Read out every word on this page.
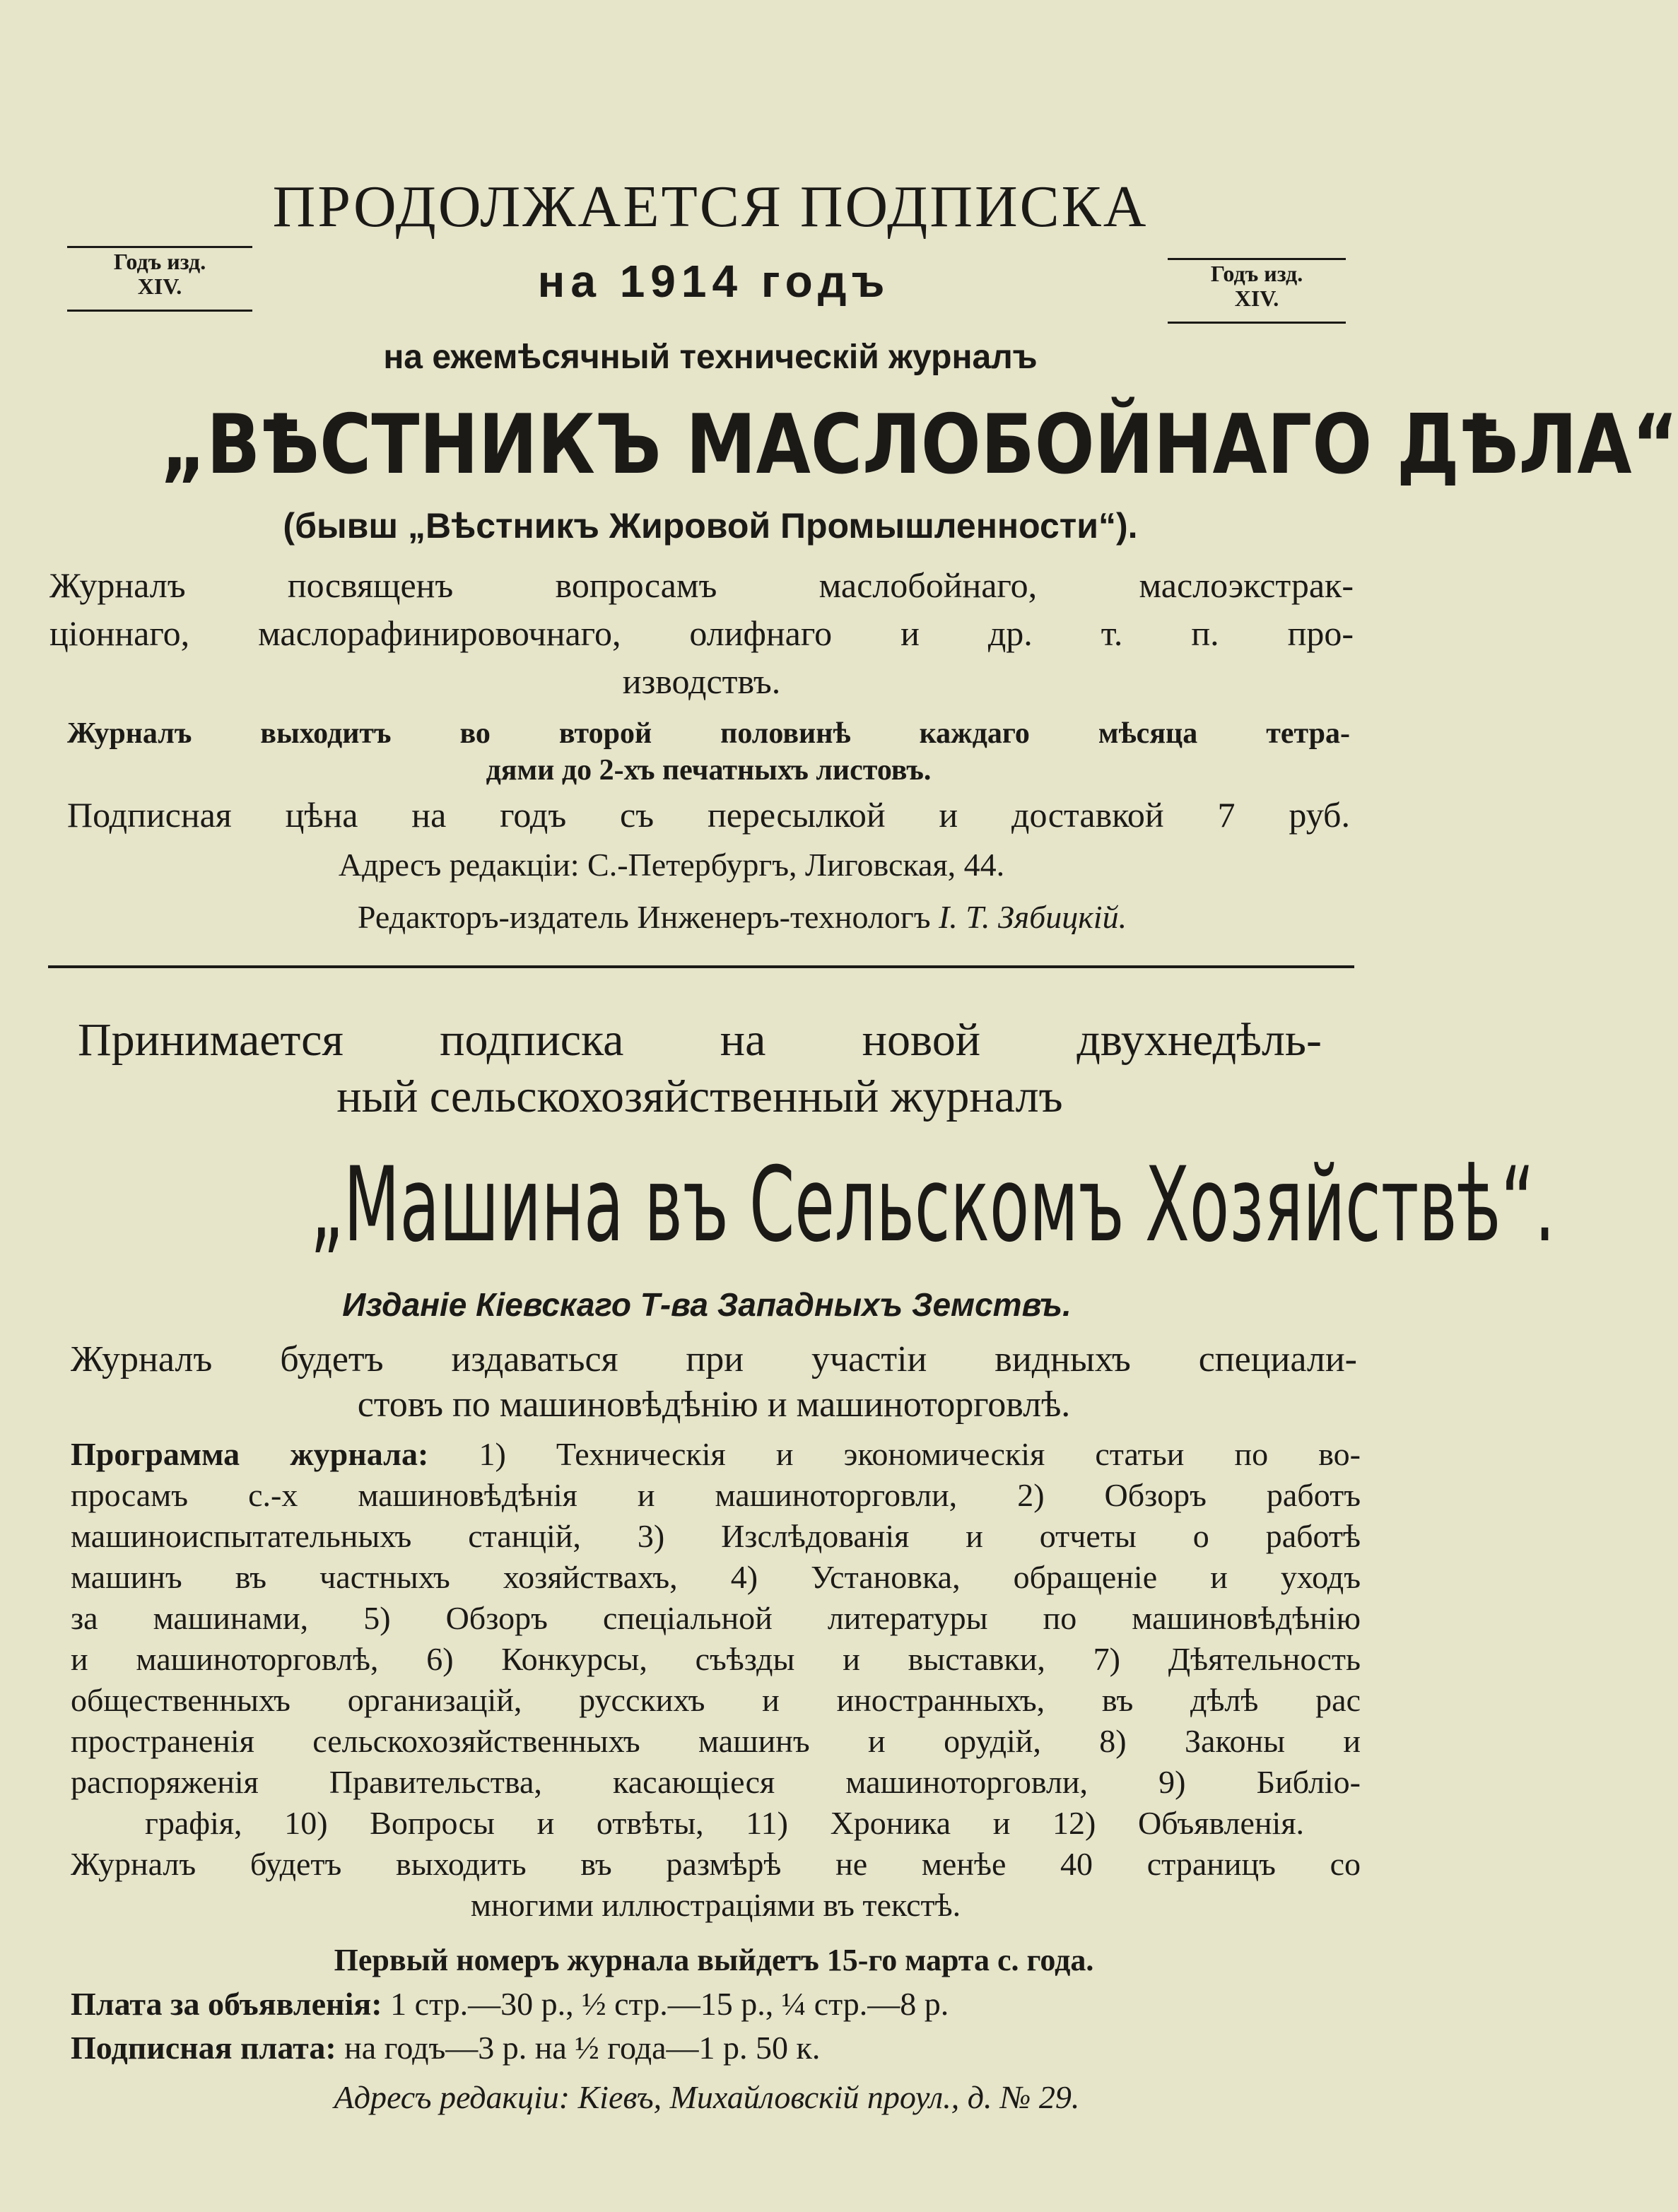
ПРОДОЛЖАЕТСЯ ПОДПИСКА
Годъ изд.
XIV.	Годъ изд.
XIV.
на 1914 годъ
на ежемѣсячный техническій журналъ
„ВѢСТНИКЪ МАСЛОБОЙНАГО ДѢЛА“
(бывш „Вѣстникъ Жировой Промышленности“).
Журналъ посвященъ вопросамъ маслобойнаго, маслоэкстрак-
ціоннаго, маслорафинировочнаго, олифнаго и др. т. п. про-
изводствъ.
Журналъ выходитъ во второй половинѣ каждаго мѣсяца тетра-
дями до 2-хъ печатныхъ листовъ.
Подписная цѣна на годъ съ пересылкой и доставкой 7 руб.
Адресъ редакціи: С.-Петербургъ, Лиговская, 44.
Редакторъ-издатель Инженеръ-технологъ І. Т. Зябицкій.
Принимается подписка на новой двухнедѣль-
ный сельскохозяйственный журналъ
„Машина въ Сельскомъ Хозяйствѣ“.
Изданіе Кіевскаго Т-ва Западныхъ Земствъ.
Журналъ будетъ издаваться при участіи видныхъ специали-
стовъ по машиновѣдѣнію и машиноторговлѣ.
Программа журнала: 1) Техническія и экономическія статьи по во-
просамъ с.-х машиновѣдѣнія и машиноторговли, 2) Обзоръ работъ
машиноиспытательныхъ станцій, 3) Изслѣдованія и отчеты о работѣ
машинъ въ частныхъ хозяйствахъ, 4) Установка, обращеніе и уходъ
за машинами, 5) Обзоръ спеціальной литературы по машиновѣдѣнію
и машиноторговлѣ, 6) Конкурсы, съѣзды и выставки, 7) Дѣятельность
общественныхъ организацій, русскихъ и иностранныхъ, въ дѣлѣ рас
пространенія сельскохозяйственныхъ машинъ и орудій, 8) Законы и
распоряженія Правительства, касающіеся машиноторговли, 9) Библіо-
графія, 10) Вопросы и отвѣты, 11) Хроника и 12) Объявленія.
Журналъ будетъ выходить въ размѣрѣ не менѣе 40 страницъ со
многими иллюстраціями въ текстѣ.
Первый номеръ журнала выйдетъ 15-го марта с. года.
Плата за объявленія: 1 стр.—30 р., ½ стр.—15 р., ¼ стр.—8 р.
Подписная плата: на годъ—3 р. на ½ года—1 р. 50 к.
Адресъ редакціи: Кіевъ, Михайловскій проул., д. № 29.
